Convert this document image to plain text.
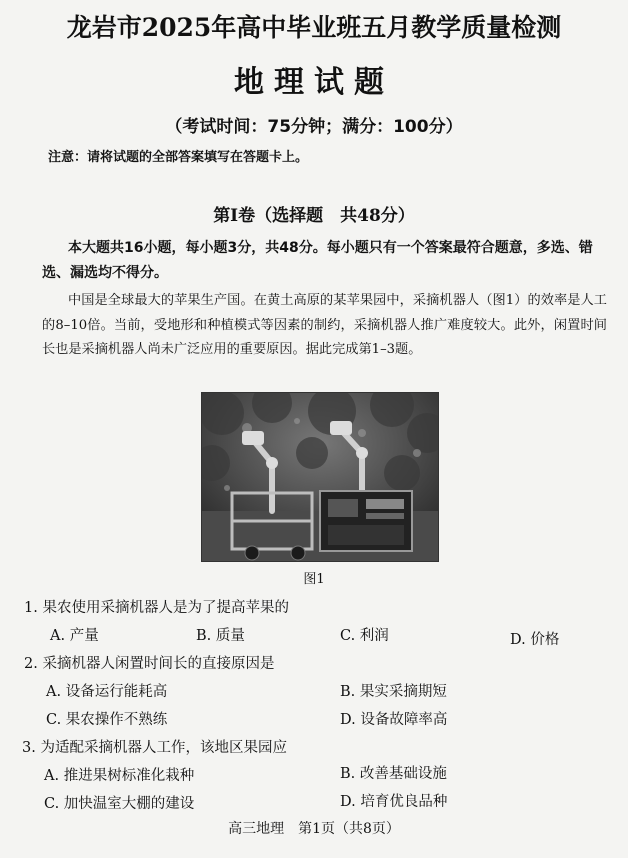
龙岩市2025年高中毕业班五月教学质量检测
地理试题
（考试时间：75分钟；满分：100分）
注意：请将试题的全部答案填写在答题卡上。
第Ⅰ卷（选择题　共48分）
本大题共16小题，每小题3分，共48分。每小题只有一个答案最符合题意，多选、错选、漏选均不得分。
中国是全球最大的苹果生产国。在黄土高原的某苹果园中，采摘机器人（图1）的效率是人工的8–10倍。当前，受地形和种植模式等因素的制约，采摘机器人推广难度较大。此外，闲置时间长也是采摘机器人尚未广泛应用的重要原因。据此完成第1–3题。
图1
1. 果农使用采摘机器人是为了提高苹果的
A. 产量	B. 质量	C. 利润	D. 价格
2. 采摘机器人闲置时间长的直接原因是
A. 设备运行能耗高	B. 果实采摘期短
C. 果农操作不熟练	D. 设备故障率高
3. 为适配采摘机器人工作，该地区果园应
A. 推进果树标准化栽种	B. 改善基础设施
C. 加快温室大棚的建设	D. 培育优良品种
高三地理　第1页（共8页）
